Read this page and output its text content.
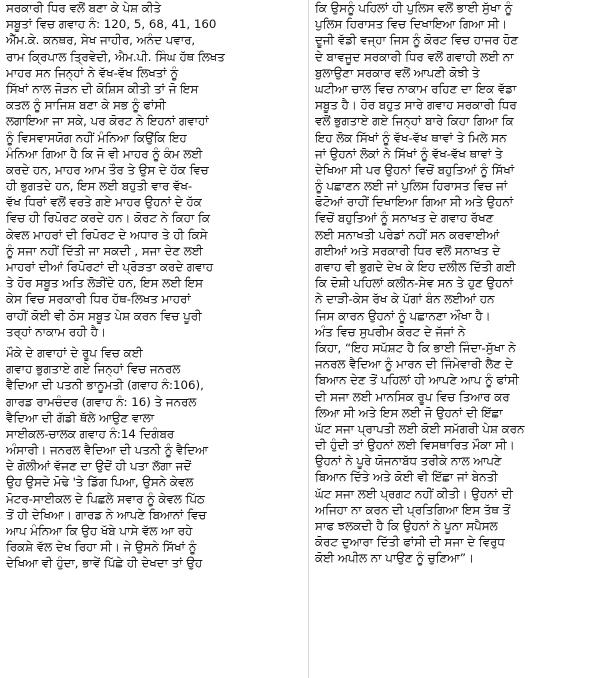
ਸਰਕਾਰੀ ਧਿਰ ਵਲੋਂ ਬਣਾ ਕੇ ਪੇਸ਼ ਕੀਤੇ
ਸਬੂਤਾਂ ਵਿਚ ਗਵਾਹ ਨੰ: 120, 5, 68, 41, 160
ਐੱਮ.ਕੇ. ਕਨਥਰ, ਸੇਖ ਜਾਹੀਰ, ਅਨੰਦ ਪਵਾਰ,
ਰਾਮ ਕ੍ਰਿਪਾਲ ਤ੍ਰਿਵੇਦੀ, ਐਮ.ਪੀ. ਸਿੰਘ ਹੱਥ ਲਿਖਤ
ਮਾਹਰ ਸਨ ਜਿਨ੍ਹਾਂ ਨੇ ਵੱਖ-ਵੱਖ ਲਿਖਤਾਂ ਨੂੰ
ਸਿੱਖਾਂ ਨਾਲ ਜੋੜਨ ਦੀ ਕੋਸ਼ਿਸ ਕੀਤੀ ਤਾਂ ਜੋ ਇਸ
ਕਤਲ ਨੂੰ ਸਾਜਿਸ਼ ਬਣਾ ਕੇ ਸਭ ਨੂੰ ਫਾਂਸੀ
ਲਗਾਇਆ ਜਾ ਸਕੇ, ਪਰ ਕੋਰਟ ਨੇ ਇਹਨਾਂ ਗਵਾਹਾਂ
ਨੂੰ ਵਿਸਵਾਸਯੋਗ ਨਹੀਂ ਮੰਨਿਆ ਕਿਉਂਕਿ ਇਹ
ਮੰਨਿਆ ਗਿਆ ਹੈ ਕਿ ਜੋ ਵੀ ਮਾਹਰ ਨੂੰ ਕੰਮ ਲਈ
ਕਰਦੇ ਹਨ, ਮਾਹਰ ਆਮ ਤੌਰ ਤੇ ਉਸ ਦੇ ਹੱਕ ਵਿਚ
ਹੀ ਭੁਗਤਦੇ ਹਨ, ਇਸ ਲਈ ਬਹੁਤੀ ਵਾਰ ਵੱਖ-
ਵੱਖ ਧਿਰਾਂ ਵਲੋਂ ਵਰਤੇ ਗਏ ਮਾਹਰ ਉਹਨਾਂ ਦੇ ਹੱਕ
ਵਿਚ ਹੀ ਰਿਪੋਰਟ ਕਰਦੇ ਹਨ। ਕੋਰਟ ਨੇ ਕਿਹਾ ਕਿ
ਕੇਵਲ ਮਾਹਰਾਂ ਦੀ ਰਿਪੋਰਟ ਦੇ ਅਧਾਰ ਤੇ ਹੀ ਕਿਸੇ
ਨੂੰ ਸਜਾ ਨਹੀਂ ਦਿੱਤੀ ਜਾ ਸਕਦੀ , ਸਜਾ ਦੇਣ ਲਈ
ਮਾਹਰਾਂ ਦੀਆਂ ਰਿਪੋਰਟਾਂ ਦੀ ਪ੍ਰੋੜਤਾ ਕਰਦੇ ਗਵਾਹ
ਤੇ ਹੋਰ ਸਬੂਤ ਅਤਿ ਲੋੜੀਂਦੇ ਹਨ, ਇਸ ਲਈ ਇਸ
ਕੇਸ ਵਿਚ ਸਰਕਾਰੀ ਧਿਰ ਹੱਥ-ਲਿਖਤ ਮਾਹਰਾਂ
ਰਾਹੀਂ ਕੋਈ ਵੀ ਠੋਸ ਸਬੂਤ ਪੇਸ਼ ਕਰਨ ਵਿਚ ਪੂਰੀ
ਤਰ੍ਹਾਂ ਨਾਕਾਮ ਰਹੀ ਹੈ।
ਮੌਕੇ ਦੇ ਗਵਾਹਾਂ ਦੇ ਰੂਪ ਵਿਚ ਕਈ
ਗਵਾਹ ਭੁਗਤਾਏ ਗਏ ਜਿਨ੍ਹਾਂ ਵਿਚ ਜਨਰਲ
ਵੈਦਿਆ ਦੀ ਪਤਨੀ ਭਾਨੂਮਤੀ (ਗਵਾਹ ਨੰ:106),
ਗਾਰਡ ਰਾਮਚੰਦਰ (ਗਵਾਹ ਨੰ: 16) ਤੇ ਜਨਰਲ
ਵੈਦਿਆ ਦੀ ਗੱਡੀ ਥੱਲੇ ਆਉਣ ਵਾਲਾ
ਸਾਈਕਲ-ਚਾਲਕ ਗਵਾਹ ਨੰ:14 ਦਿਗੰਬਰ
ਅੰਸਾਰੀ। ਜਨਰਲ ਵੈਦਿਆ ਦੀ ਪਤਨੀ ਨੂੰ ਵੈਦਿਆ
ਦੇ ਗੋਲੀਆਂ ਵੱਜਣ ਦਾ ਉਦੋਂ ਹੀ ਪਤਾ ਲੱਗਾ ਜਦੋਂ
ਉਹ ਉਸਦੇ ਮੋਢੇ 'ਤੇ ਡਿੱਗ ਪਿਆ, ਉਸਨੇ ਕੇਵਲ
ਮੋਟਰ-ਸਾਈਕਲ ਦੇ ਪਿਛਲੇ ਸਵਾਰ ਨੂੰ ਕੇਵਲ ਪਿੱਠ
ਤੋਂ ਹੀ ਦੇਖਿਆ। ਗਾਰਡ ਨੇ ਆਪਣੇ ਬਿਆਨਾਂ ਵਿਚ
ਆਪ ਮੰਨਿਆ ਕਿ ਉਹ ਖੱਬੇ ਪਾਸੇ ਵੱਲ ਆ ਰਹੇ
ਰਿਕਸ਼ੇ ਵੱਲ ਦੇਖ ਰਿਹਾ ਸੀ। ਜੇ ਉਸਨੇ ਸਿੱਖਾਂ ਨੂੰ
ਦੇਖਿਆ ਵੀ ਹੁੰਦਾ, ਭਾਵੇਂ ਪਿੱਛੇ ਹੀ ਦੇਖਦਾ ਤਾਂ ਉਹ
ਕਿ ਉਸਨੂੰ ਪਹਿਲਾਂ ਹੀ ਪੁਲਿਸ ਵਲੋਂ ਭਾਈ ਸੁੱਖਾ ਨੂੰ
ਪੁਲਿਸ ਹਿਰਾਸਤ ਵਿਚ ਦਿਖਾਇਆ ਗਿਆ ਸੀ।
ਦੂਜੀ ਵੱਡੀ ਵਜ੍ਹਾ ਜਿਸ ਨੂੰ ਕੋਰਟ ਵਿਚ ਹਾਜਰ ਹੋਣ
ਦੇ ਬਾਵਜੂਦ ਸਰਕਾਰੀ ਧਿਰ ਵਲੋਂ ਗਵਾਹੀ ਲਈ ਨਾ
ਬੁਲਾਉਣਾ ਸਰਕਾਰ ਵਲੋਂ ਆਪਣੀ ਕੋਝੀ ਤੇ
ਘਟੀਆ ਚਾਲ ਵਿਚ ਨਾਕਾਮ ਰਹਿਣ ਦਾ ਇਕ ਵੱਡਾ
ਸਬੂਤ ਹੈ। ਹੋਰ ਬਹੁਤ ਸਾਰੇ ਗਵਾਹ ਸਰਕਾਰੀ ਧਿਰ
ਵਲੋਂ ਭੁਗਤਾਏ ਗਏ ਜਿਨ੍ਹਾਂ ਬਾਰੇ ਕਿਹਾ ਗਿਆ ਕਿ
ਇਹ ਲੋਕ ਸਿੱਖਾਂ ਨੂੰ ਵੱਖ-ਵੱਖ ਥਾਵਾਂ ਤੇ ਮਿਲੇ ਸਨ
ਜਾਂ ਉਹਨਾਂ ਲੋਕਾਂ ਨੇ ਸਿੱਖਾਂ ਨੂੰ ਵੱਖ-ਵੱਖ ਥਾਵਾਂ ਤੇ
ਦੇਖਿਆ ਸੀ ਪਰ ਉਹਨਾਂ ਵਿਚੋਂ ਬਹੁਤਿਆਂ ਨੂੰ ਸਿੱਖਾਂ
ਨੂੰ ਪਛਾਣਨ ਲਈ ਜਾਂ ਪੁਲਿਸ ਹਿਰਾਸਤ ਵਿਚ ਜਾਂ
ਫੋਟੋਆਂ ਰਾਹੀਂ ਦਿਖਾਇਆ ਗਿਆ ਸੀ ਅਤੇ ਉਹਨਾਂ
ਵਿਚੋਂ ਬਹੁਤਿਆਂ ਨੂੰ ਸਨਾਖਤ ਦੇ ਗਵਾਹ ਰੱਖਣ
ਲਈ ਸਨਾਖਤੀ ਪਰੇਡਾਂ ਨਹੀਂ ਸਨ ਕਰਵਾਈਆਂ
ਗਈਆਂ ਅਤੇ ਸਰਕਾਰੀ ਧਿਰ ਵਲੋਂ ਸਨਾਖਤ ਦੇ
ਗਵਾਹ ਵੀ ਭੁਗਦੇ ਦੇਖ ਕੇ ਇਹ ਦਲੀਲ ਦਿੱਤੀ ਗਈ
ਕਿ ਦੋਸ਼ੀ ਪਹਿਲਾਂ ਕਲੀਨ-ਸੇਵ ਸਨ ਤੇ ਹੁਣ ਉਹਨਾਂ
ਨੇ ਦਾੜੀ-ਕੇਸ ਰੱਖ ਕੇ ਪੱਗਾਂ ਬੰਨ ਲਈਆਂ ਹਨ
ਜਿਸ ਕਾਰਨ ਉਹਨਾਂ ਨੂੰ ਪਛਾਨਣਾ ਔਖਾ ਹੈ।
ਅੰਤ ਵਿਚ ਸੁਪਰੀਮ ਕੋਰਟ ਦੇ ਜੱਜਾਂ ਨੇ
ਕਿਹਾ, “ਇਹ ਸਪੱਸ਼ਟ ਹੈ ਕਿ ਭਾਈ ਜਿੰਦਾ-ਸੁੱਖਾ ਨੇ
ਜਨਰਲ ਵੈਦਿਆ ਨੂੰ ਮਾਰਨ ਦੀ ਜਿੰਮੇਵਾਰੀ ਲੈਣ ਦੇ
ਬਿਆਨ ਦੇਣ ਤੋਂ ਪਹਿਲਾਂ ਹੀ ਆਪਣੇ ਆਪ ਨੂੰ ਫਾਂਸੀ
ਦੀ ਸਜਾ ਲਈ ਮਾਨਸਿਕ ਰੂਪ ਵਿਚ ਤਿਆਰ ਕਰ
ਲਿਆ ਸੀ ਅਤੇ ਇਸ ਲਈ ਜੋ ਉਹਨਾਂ ਦੀ ਇੱਛਾ
ਘੱਟ ਸਜਾ ਪ੍ਰਾਪਤੀ ਲਈ ਕੋਈ ਸਮੱਗਰੀ ਪੇਸ਼ ਕਰਨ
ਦੀ ਹੁੰਦੀ ਤਾਂ ਉਹਨਾਂ ਲਈ ਵਿਸਥਾਰਿਤ ਮੌਕਾ ਸੀ।
ਉਹਨਾਂ ਨੇ ਪੂਰੇ ਯੋਜਨਾਬੱਧ ਤਰੀਕੇ ਨਾਲ ਆਪਣੇ
ਬਿਆਨ ਦਿੱਤੇ ਅਤੇ ਕੋਈ ਵੀ ਇੱਛਾ ਜਾਂ ਬੇਨਤੀ
ਘੱਟ ਸਜਾ ਲਈ ਪ੍ਰਗਟ ਨਹੀਂ ਕੀਤੀ। ਉਹਨਾਂ ਦੀ
ਅਜਿਹਾ ਨਾ ਕਰਨ ਦੀ ਪ੍ਰਤਿਗਿਆ ਇਸ ਤੱਥ ਤੋਂ
ਸਾਫ ਝਲਕਦੀ ਹੈ ਕਿ ਉਹਨਾਂ ਨੇ ਪੂਨਾ ਸਪੈਸਲ
ਕੋਰਟ ਦੁਆਰਾ ਦਿੱਤੀ ਫਾਂਸੀ ਦੀ ਸਜਾ ਦੇ ਵਿਰੁਧ
ਕੋਈ ਅਪੀਲ ਨਾ ਪਾਉਣ ਨੂੰ ਚੁਣਿਆ”।
